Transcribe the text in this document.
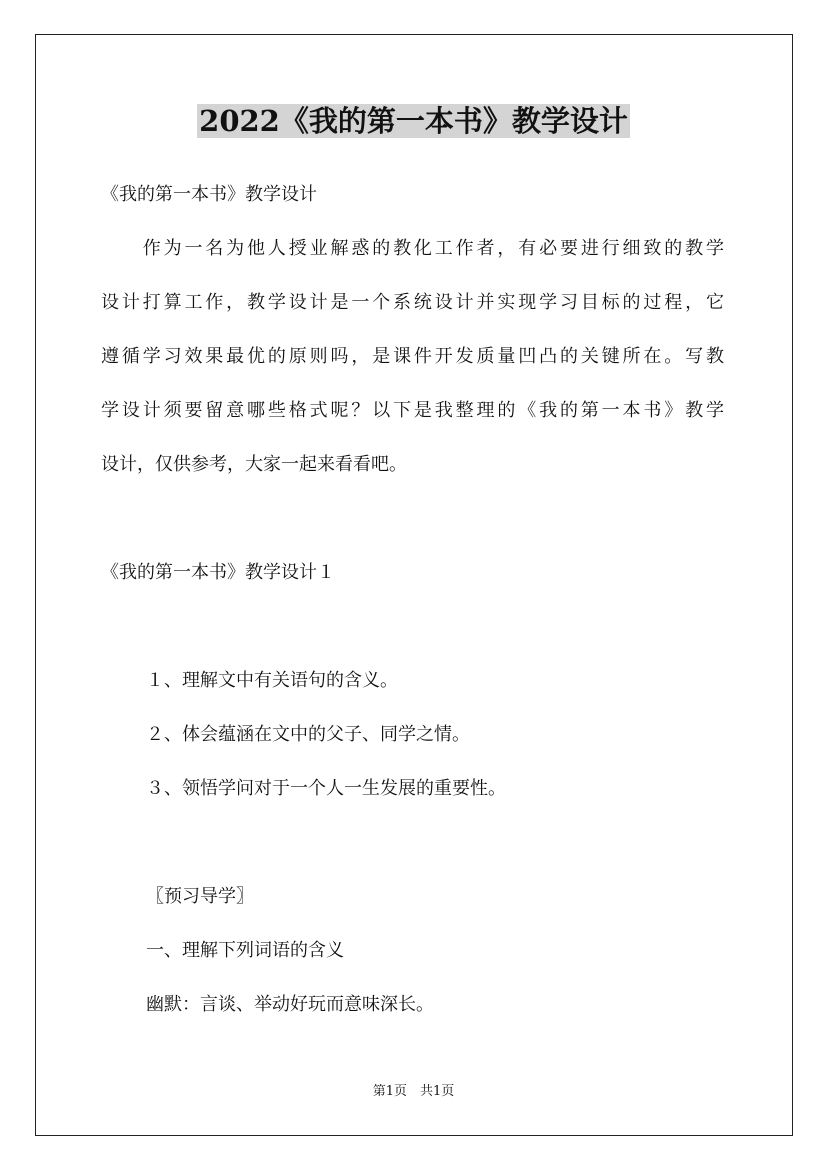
2022《我的第一本书》教学设计
《我的第一本书》教学设计
　　作为一名为他人授业解惑的教化工作者，有必要进行细致的教学
设计打算工作，教学设计是一个系统设计并实现学习目标的过程，它
遵循学习效果最优的原则吗，是课件开发质量凹凸的关键所在。写教
学设计须要留意哪些格式呢？以下是我整理的《我的第一本书》教学
设计，仅供参考，大家一起来看看吧。
《我的第一本书》教学设计１
１、理解文中有关语句的含义。
２、体会蕴涵在文中的父子、同学之情。
３、领悟学问对于一个人一生发展的重要性。
〖预习导学〗
一、理解下列词语的含义
幽默：言谈、举动好玩而意味深长。
第1页　共1页
